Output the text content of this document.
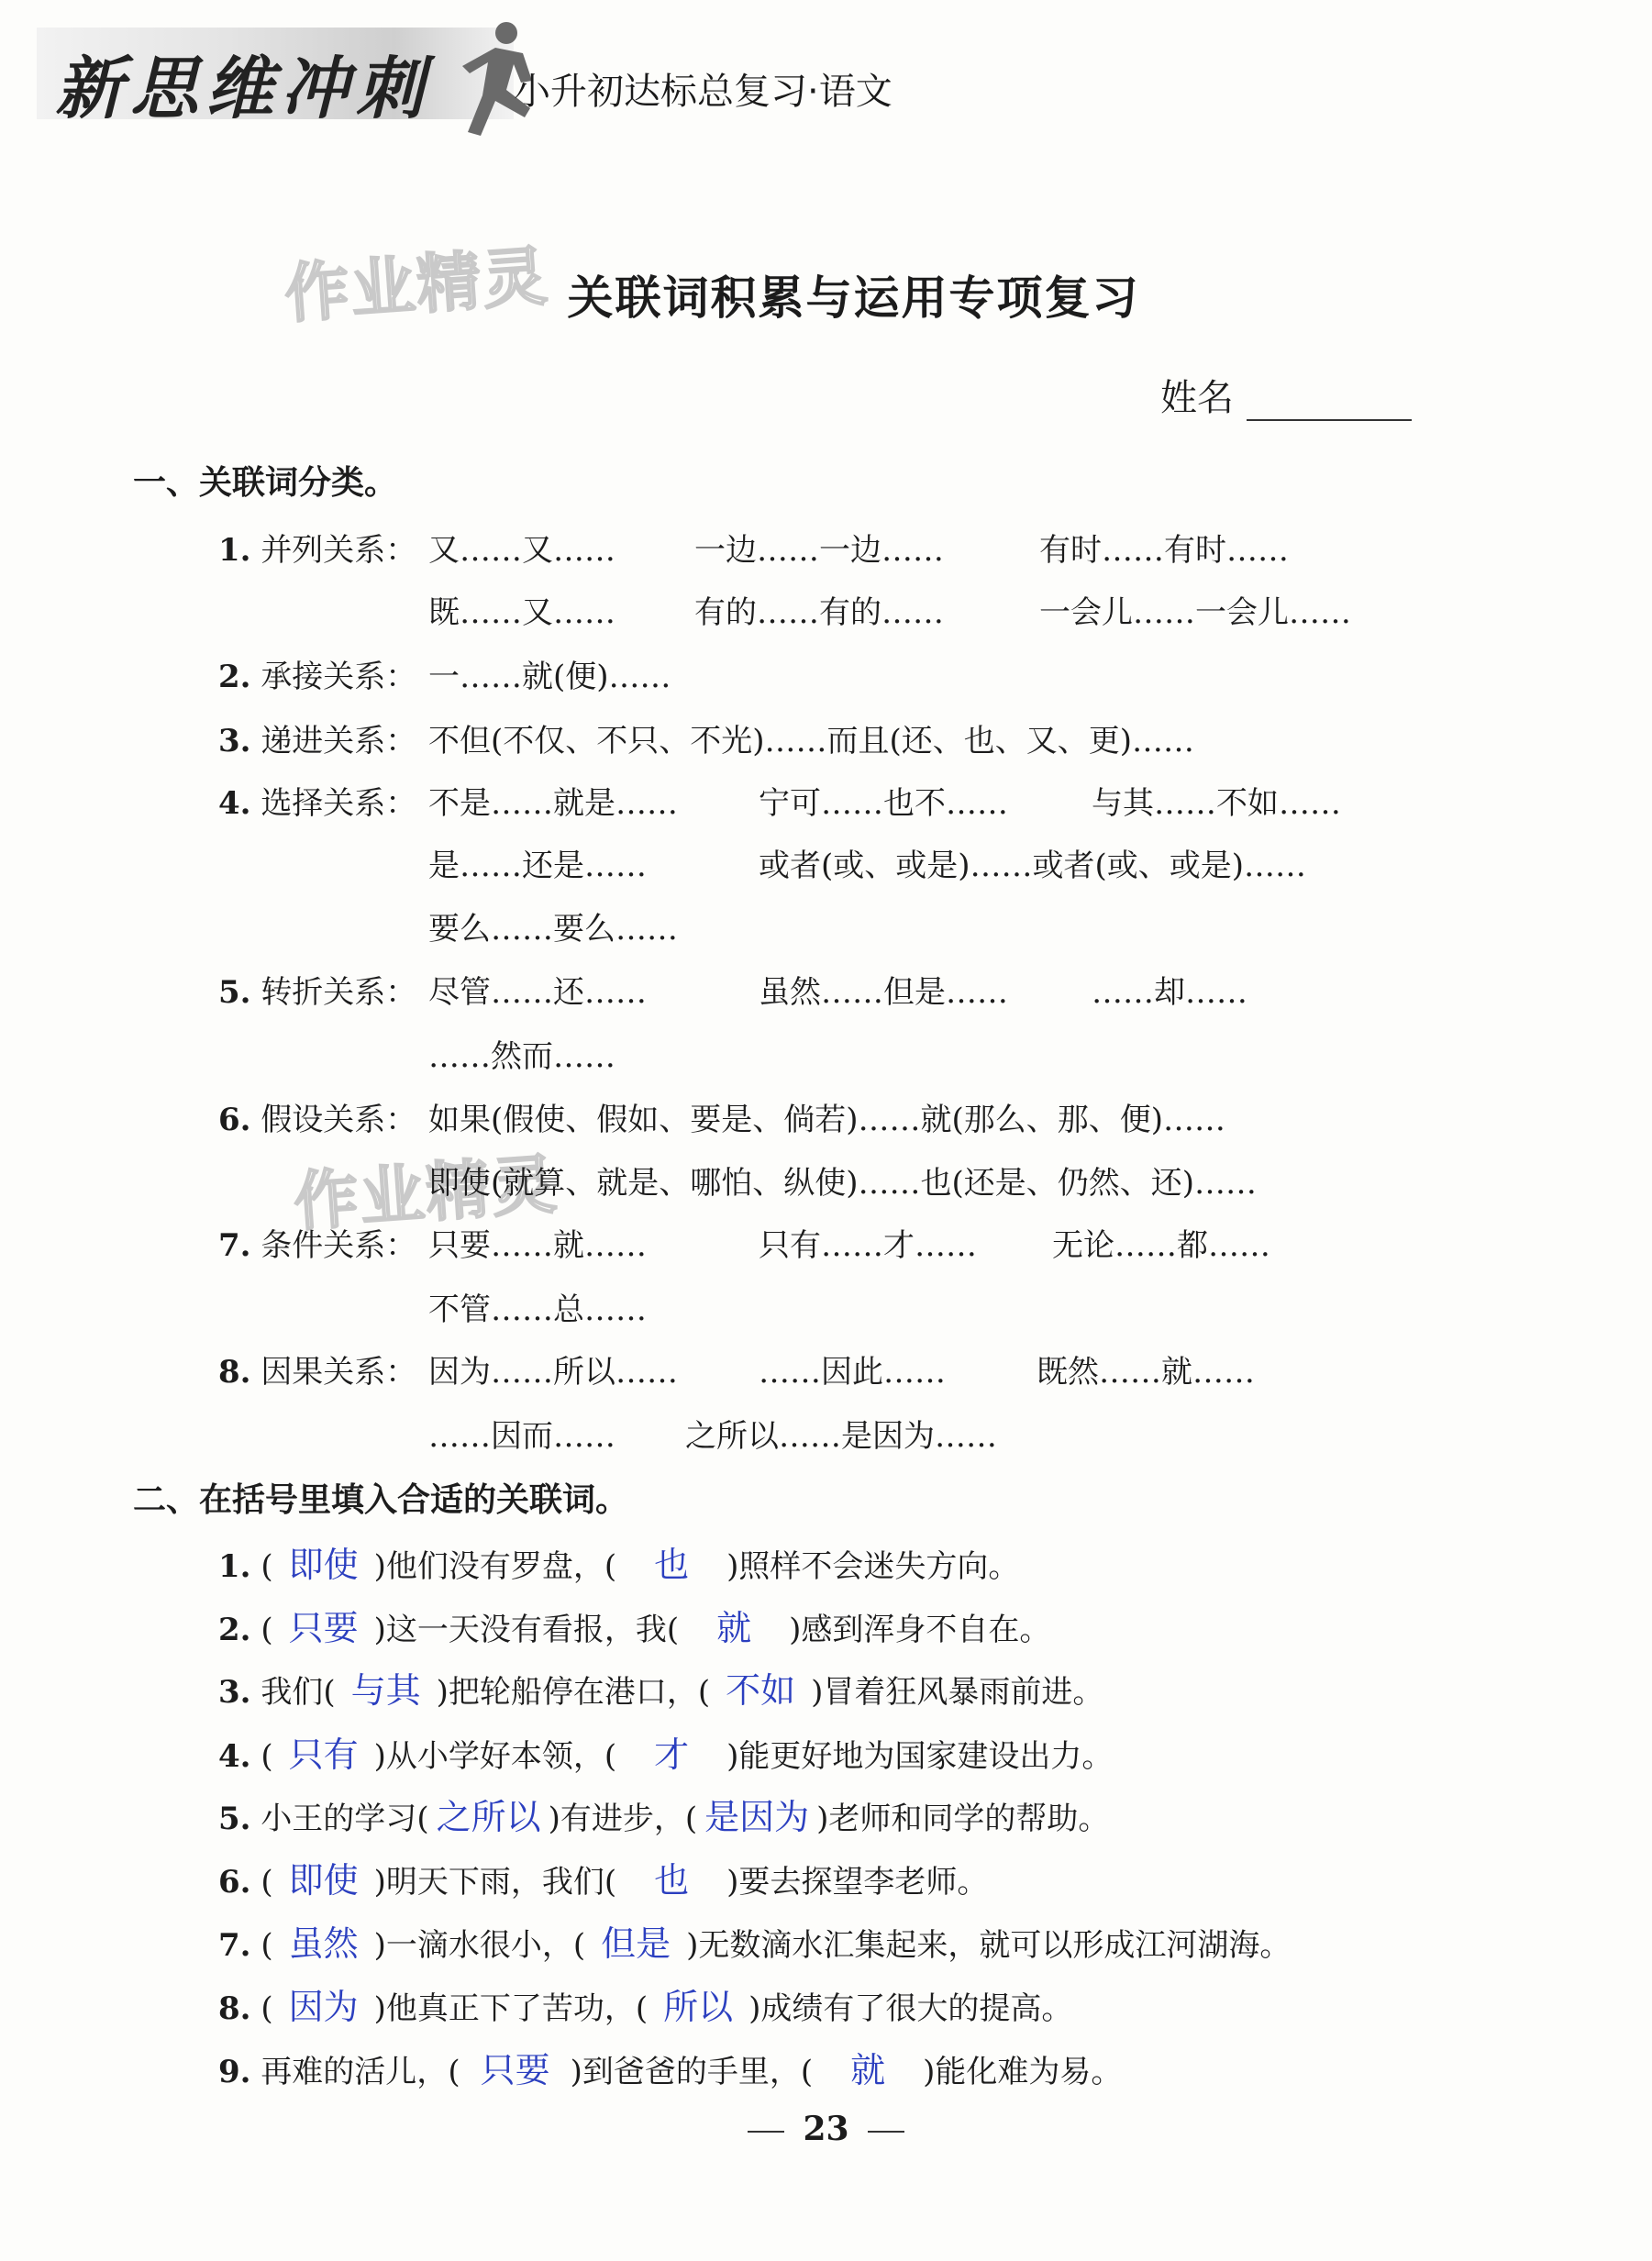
新思维冲刺 小升初达标总复习·语文
作业精灵
作业精灵
关联词积累与运用专项复习
姓名
一、关联词分类。
1. 并列关系： 又……又……	一边……一边……	有时……有时……
既……又……	有的……有的……	一会儿……一会儿……
2. 承接关系： 一……就(便)……
3. 递进关系： 不但(不仅、不只、不光)……而且(还、也、又、更)……
4. 选择关系： 不是……就是……	宁可……也不……	与其……不如……
是……还是……	或者(或、或是)……或者(或、或是)……
要么……要么……
5. 转折关系： 尽管……还……	虽然……但是……	……却……
……然而……
6. 假设关系： 如果(假使、假如、要是、倘若)……就(那么、那、便)……
即使(就算、就是、哪怕、纵使)……也(还是、仍然、还)……
7. 条件关系： 只要……就……	只有……才…… 无论……都……
不管……总……
8. 因果关系： 因为……所以……	……因此……	既然……就……
……因而…… 之所以……是因为……
二、在括号里填入合适的关联词。
1. ( 即使 )他们没有罗盘，( 也 )照样不会迷失方向。
2. ( 只要 )这一天没有看报，我( 就 )感到浑身不自在。
3. 我们( 与其 )把轮船停在港口，( 不如 )冒着狂风暴雨前进。
4. ( 只有 )从小学好本领，( 才 )能更好地为国家建设出力。
5. 小王的学习( 之所以 )有进步，( 是因为 )老师和同学的帮助。
6. ( 即使 )明天下雨，我们( 也 )要去探望李老师。
7. ( 虽然 )一滴水很小，( 但是 )无数滴水汇集起来，就可以形成江河湖海。
8. ( 因为 )他真正下了苦功，( 所以 )成绩有了很大的提高。
9. 再难的活儿，( 只要 )到爸爸的手里，( 就 )能化难为易。
23
